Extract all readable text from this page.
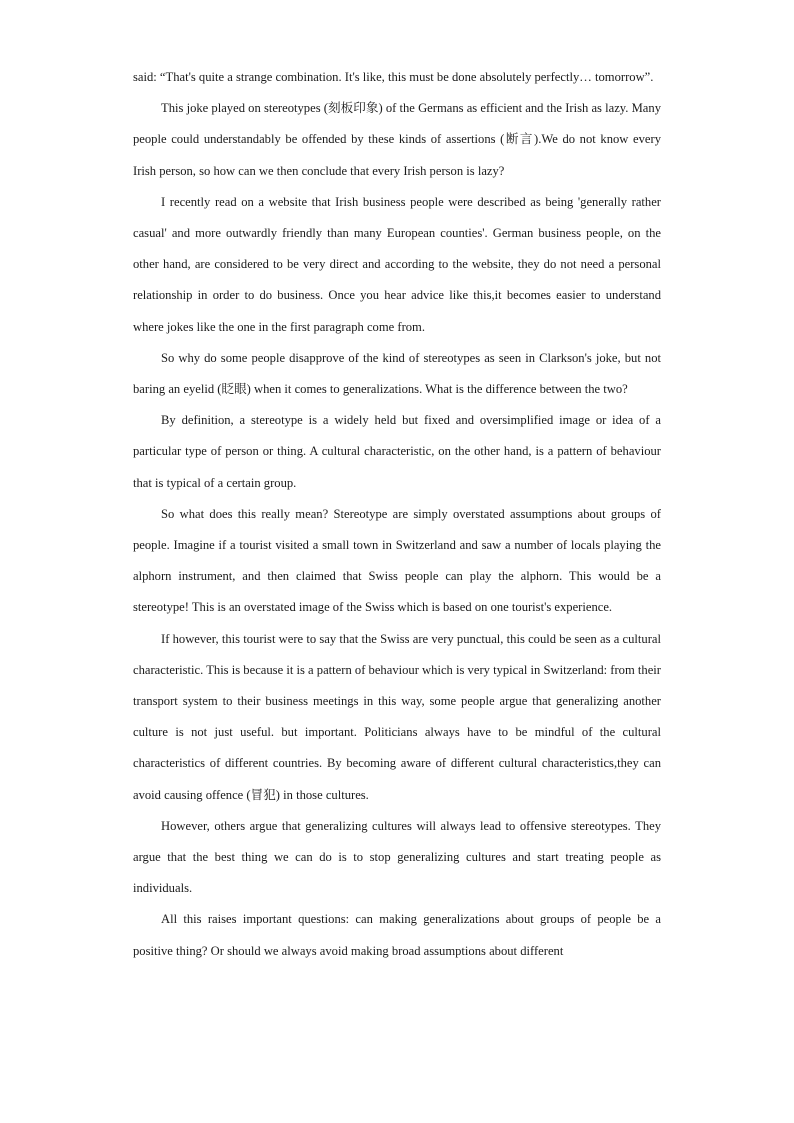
said: “That's quite a strange combination. It's like, this must be done absolutely perfectly… tomorrow”.

This joke played on stereotypes (刻板印象) of the Germans as efficient and the Irish as lazy. Many people could understandably be offended by these kinds of assertions (断言).We do not know every Irish person, so how can we then conclude that every Irish person is lazy?

I recently read on a website that Irish business people were described as being 'generally rather casual' and more outwardly friendly than many European counties'. German business people, on the other hand, are considered to be very direct and according to the website, they do not need a personal relationship in order to do business. Once you hear advice like this,it becomes easier to understand where jokes like the one in the first paragraph come from.

So why do some people disapprove of the kind of stereotypes as seen in Clarkson's joke, but not baring an eyelid (眨眼) when it comes to generalizations. What is the difference between the two?

By definition, a stereotype is a widely held but fixed and oversimplified image or idea of a particular type of person or thing. A cultural characteristic, on the other hand, is a pattern of behaviour that is typical of a certain group.

So what does this really mean? Stereotype are simply overstated assumptions about groups of people. Imagine if a tourist visited a small town in Switzerland and saw a number of locals playing the alphorn instrument, and then claimed that Swiss people can play the alphorn. This would be a stereotype! This is an overstated image of the Swiss which is based on one tourist's experience.

If however, this tourist were to say that the Swiss are very punctual, this could be seen as a cultural characteristic. This is because it is a pattern of behaviour which is very typical in Switzerland: from their transport system to their business meetings in this way, some people argue that generalizing another culture is not just useful. but important. Politicians always have to be mindful of the cultural characteristics of different countries. By becoming aware of different cultural characteristics,they can avoid causing offence (冒犯) in those cultures.

However, others argue that generalizing cultures will always lead to offensive stereotypes. They argue that the best thing we can do is to stop generalizing cultures and start treating people as individuals.

All this raises important questions: can making generalizations about groups of people be a positive thing? Or should we always avoid making broad assumptions about different
